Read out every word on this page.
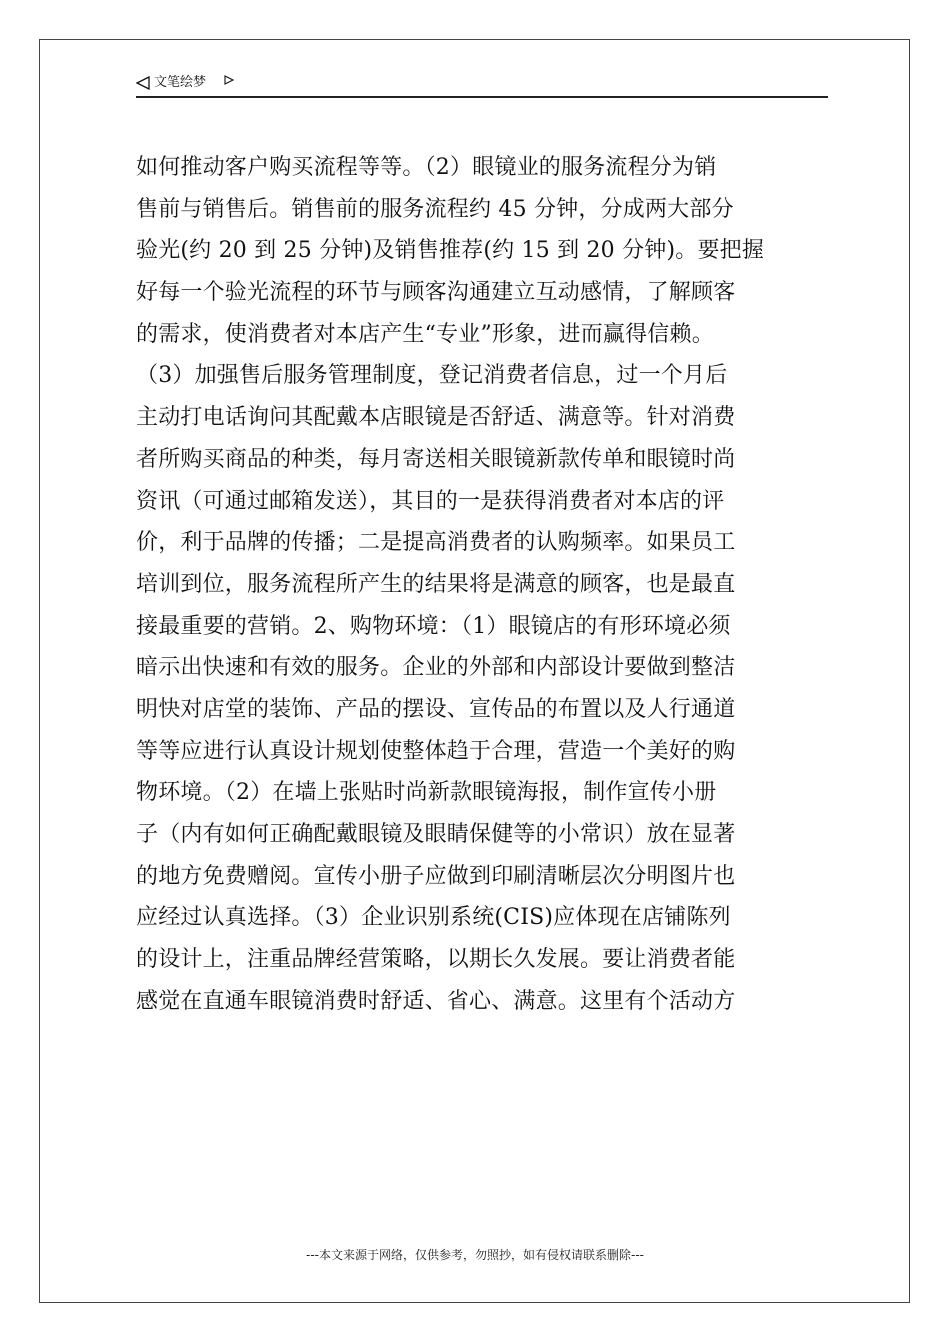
文笔绘梦
如何推动客户购买流程等等。（2）眼镜业的服务流程分为销
售前与销售后。销售前的服务流程约 45 分钟，分成两大部分
验光(约 20 到 25 分钟)及销售推荐(约 15 到 20 分钟)。要把握
好每一个验光流程的环节与顾客沟通建立互动感情，了解顾客
的需求，使消费者对本店产生“专业”形象，进而赢得信赖。
（3）加强售后服务管理制度，登记消费者信息，过一个月后
主动打电话询问其配戴本店眼镜是否舒适、满意等。针对消费
者所购买商品的种类，每月寄送相关眼镜新款传单和眼镜时尚
资讯（可通过邮箱发送），其目的一是获得消费者对本店的评
价，利于品牌的传播；二是提高消费者的认购频率。如果员工
培训到位，服务流程所产生的结果将是满意的顾客，也是最直
接最重要的营销。2、购物环境：（1）眼镜店的有形环境必须
暗示出快速和有效的服务。企业的外部和内部设计要做到整洁
明快对店堂的装饰、产品的摆设、宣传品的布置以及人行通道
等等应进行认真设计规划使整体趋于合理，营造一个美好的购
物环境。（2）在墙上张贴时尚新款眼镜海报，制作宣传小册
子（内有如何正确配戴眼镜及眼睛保健等的小常识）放在显著
的地方免费赠阅。宣传小册子应做到印刷清晰层次分明图片也
应经过认真选择。（3）企业识别系统(CIS)应体现在店铺陈列
的设计上，注重品牌经营策略，以期长久发展。要让消费者能
感觉在直通车眼镜消费时舒适、省心、满意。这里有个活动方
---本文来源于网络，仅供参考，勿照抄，如有侵权请联系删除---
